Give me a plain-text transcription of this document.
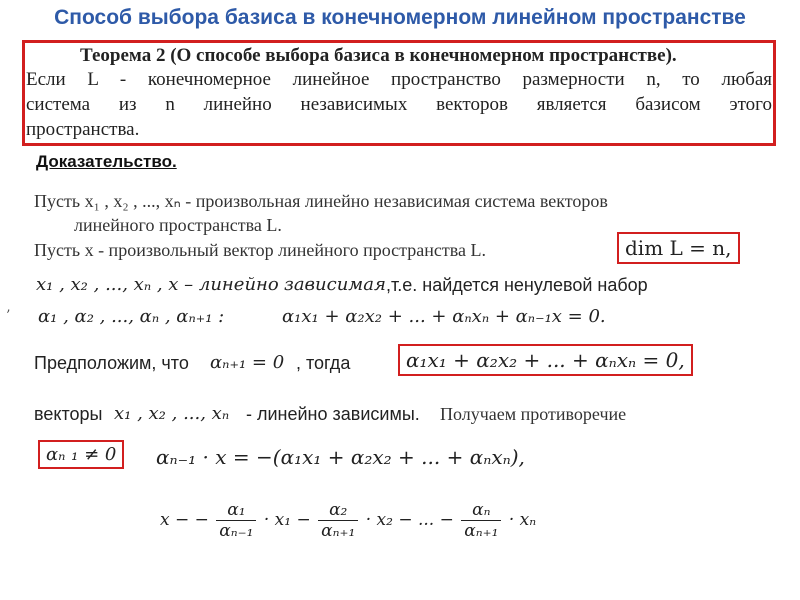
Способ выбора базиса в конечномерном линейном пространстве
Теорема 2 (О способе выбора базиса в конечномерном пространстве).
Если L - конечномерное линейное пространство размерности n, то любая
система из n линейно независимых векторов является базисом этого
пространства.
Доказательство.
Пусть x₁ , x₂ , ..., xₙ - произвольная линейно независимая система векторов
линейного пространства L.
Пусть x - произвольный вектор линейного пространства L.	dim L = n,
x₁ , x₂ , ..., xₙ , x – линейно зависимая ,т.е. найдется ненулевой набор
’ α₁ , α₂ , ..., αₙ , αₙ₊₁ :	α₁x₁ + α₂x₂ + ... + αₙxₙ + αₙ₋₁x = 0.
Предположим, что αₙ₊₁ = 0 , тогда	α₁x₁ + α₂x₂ + ... + αₙxₙ = 0,
векторы x₁ , x₂ , ..., xₙ - линейно зависимы. Получаем противоречие
αₙ ₁ ≠ 0	αₙ₋₁ · x = −(α₁x₁ + α₂x₂ + ... + αₙxₙ),
x − − $\frac{\text{α₁}}{\text{αₙ₋₁}} \cdot x_1 - \frac{\text{α₂}}{\text{αₙ₊₁}} \cdot x_2$ − ... − $\frac{\text{αₙ}}{\text{αₙ₊₁}} \cdot x_n$
